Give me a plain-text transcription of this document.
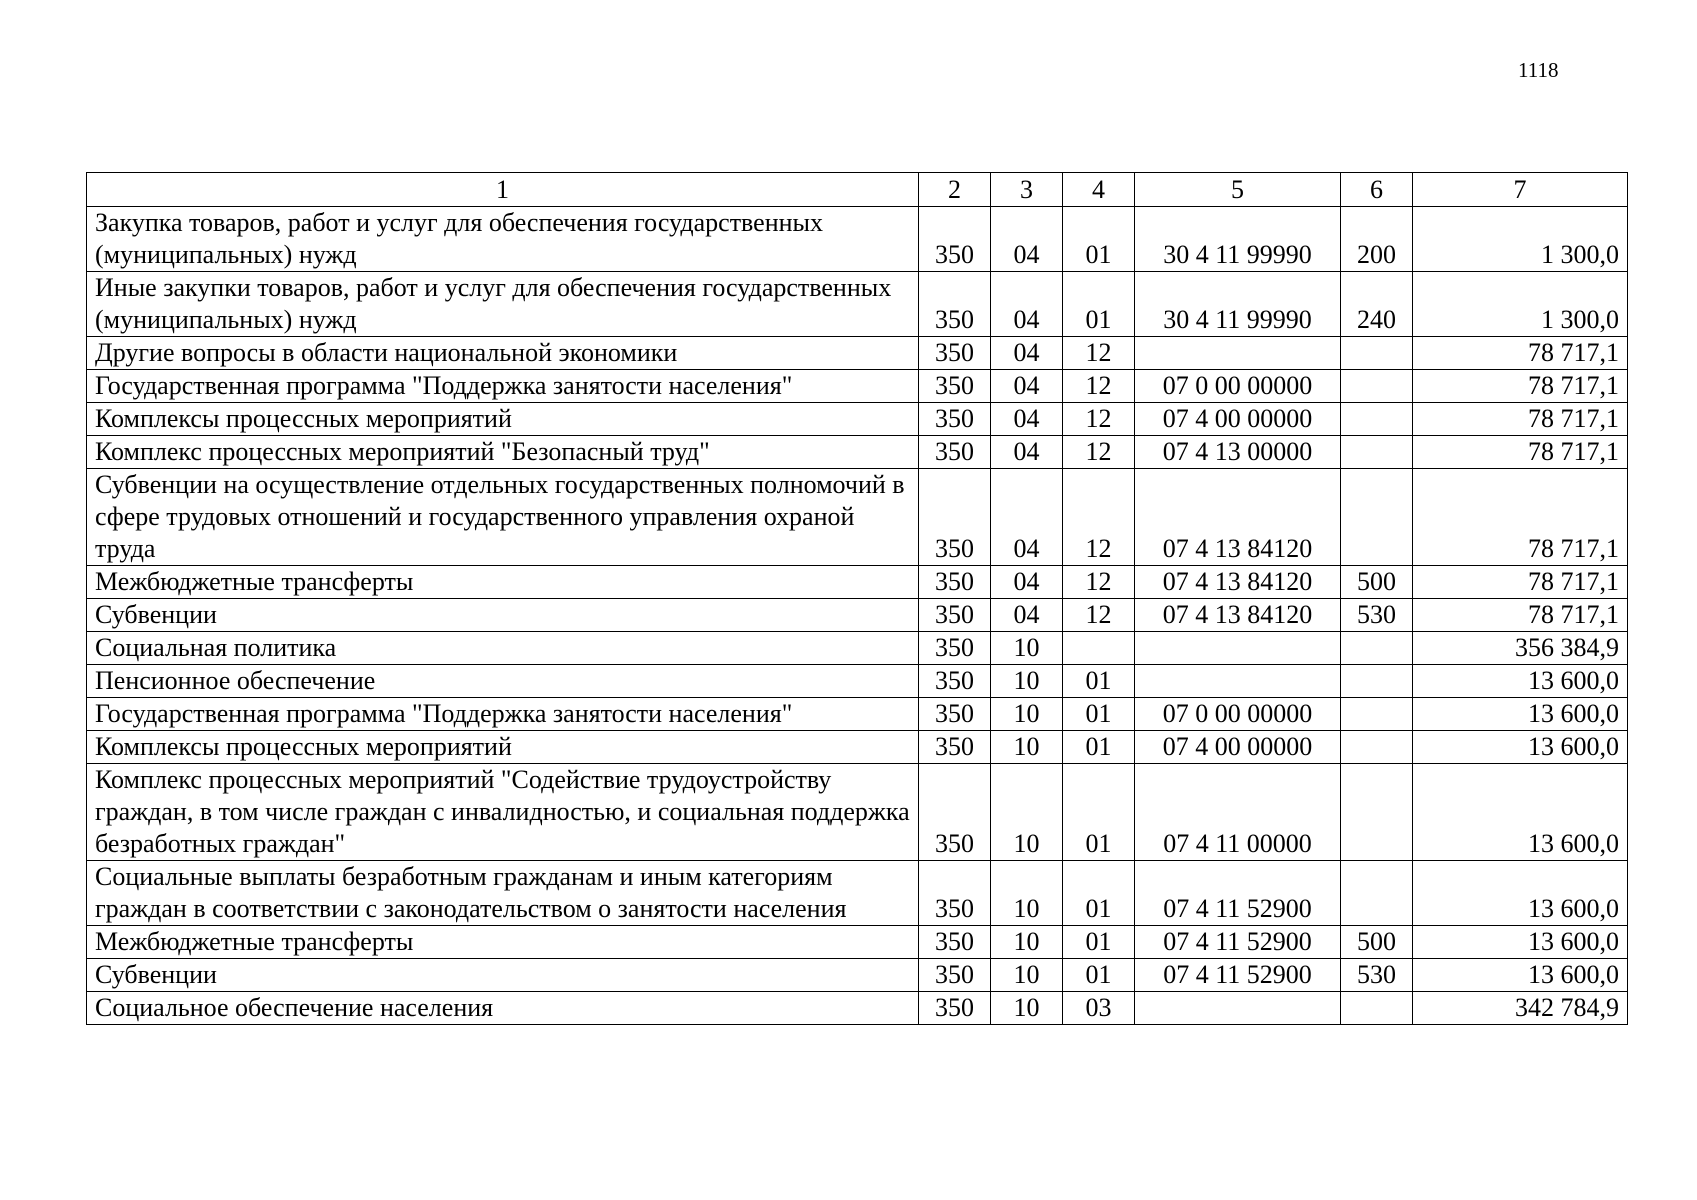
1118
1	2	3	4	5	6	7
Закупка товаров, работ и услуг для обеспечения государственных (муниципальных) нужд	350	04	01	30 4 11 99990	200	1 300,0
Иные закупки товаров, работ и услуг для обеспечения государственных (муниципальных) нужд	350	04	01	30 4 11 99990	240	1 300,0
Другие вопросы в области национальной экономики	350	04	12			78 717,1
Государственная программа "Поддержка занятости населения"	350	04	12	07 0 00 00000		78 717,1
Комплексы процессных мероприятий	350	04	12	07 4 00 00000		78 717,1
Комплекс процессных мероприятий "Безопасный труд"	350	04	12	07 4 13 00000		78 717,1
Субвенции на осуществление отдельных государственных полномочий в сфере трудовых отношений и государственного управления охраной труда	350	04	12	07 4 13 84120		78 717,1
Межбюджетные трансферты	350	04	12	07 4 13 84120	500	78 717,1
Субвенции	350	04	12	07 4 13 84120	530	78 717,1
Социальная политика	350	10				356 384,9
Пенсионное обеспечение	350	10	01			13 600,0
Государственная программа "Поддержка занятости населения"	350	10	01	07 0 00 00000		13 600,0
Комплексы процессных мероприятий	350	10	01	07 4 00 00000		13 600,0
Комплекс процессных мероприятий "Содействие трудоустройству граждан, в том числе граждан с инвалидностью, и социальная поддержка безработных граждан"	350	10	01	07 4 11 00000		13 600,0
Социальные выплаты безработным гражданам и иным категориям граждан в соответствии с законодательством о занятости населения	350	10	01	07 4 11 52900		13 600,0
Межбюджетные трансферты	350	10	01	07 4 11 52900	500	13 600,0
Субвенции	350	10	01	07 4 11 52900	530	13 600,0
Социальное обеспечение населения	350	10	03			342 784,9
